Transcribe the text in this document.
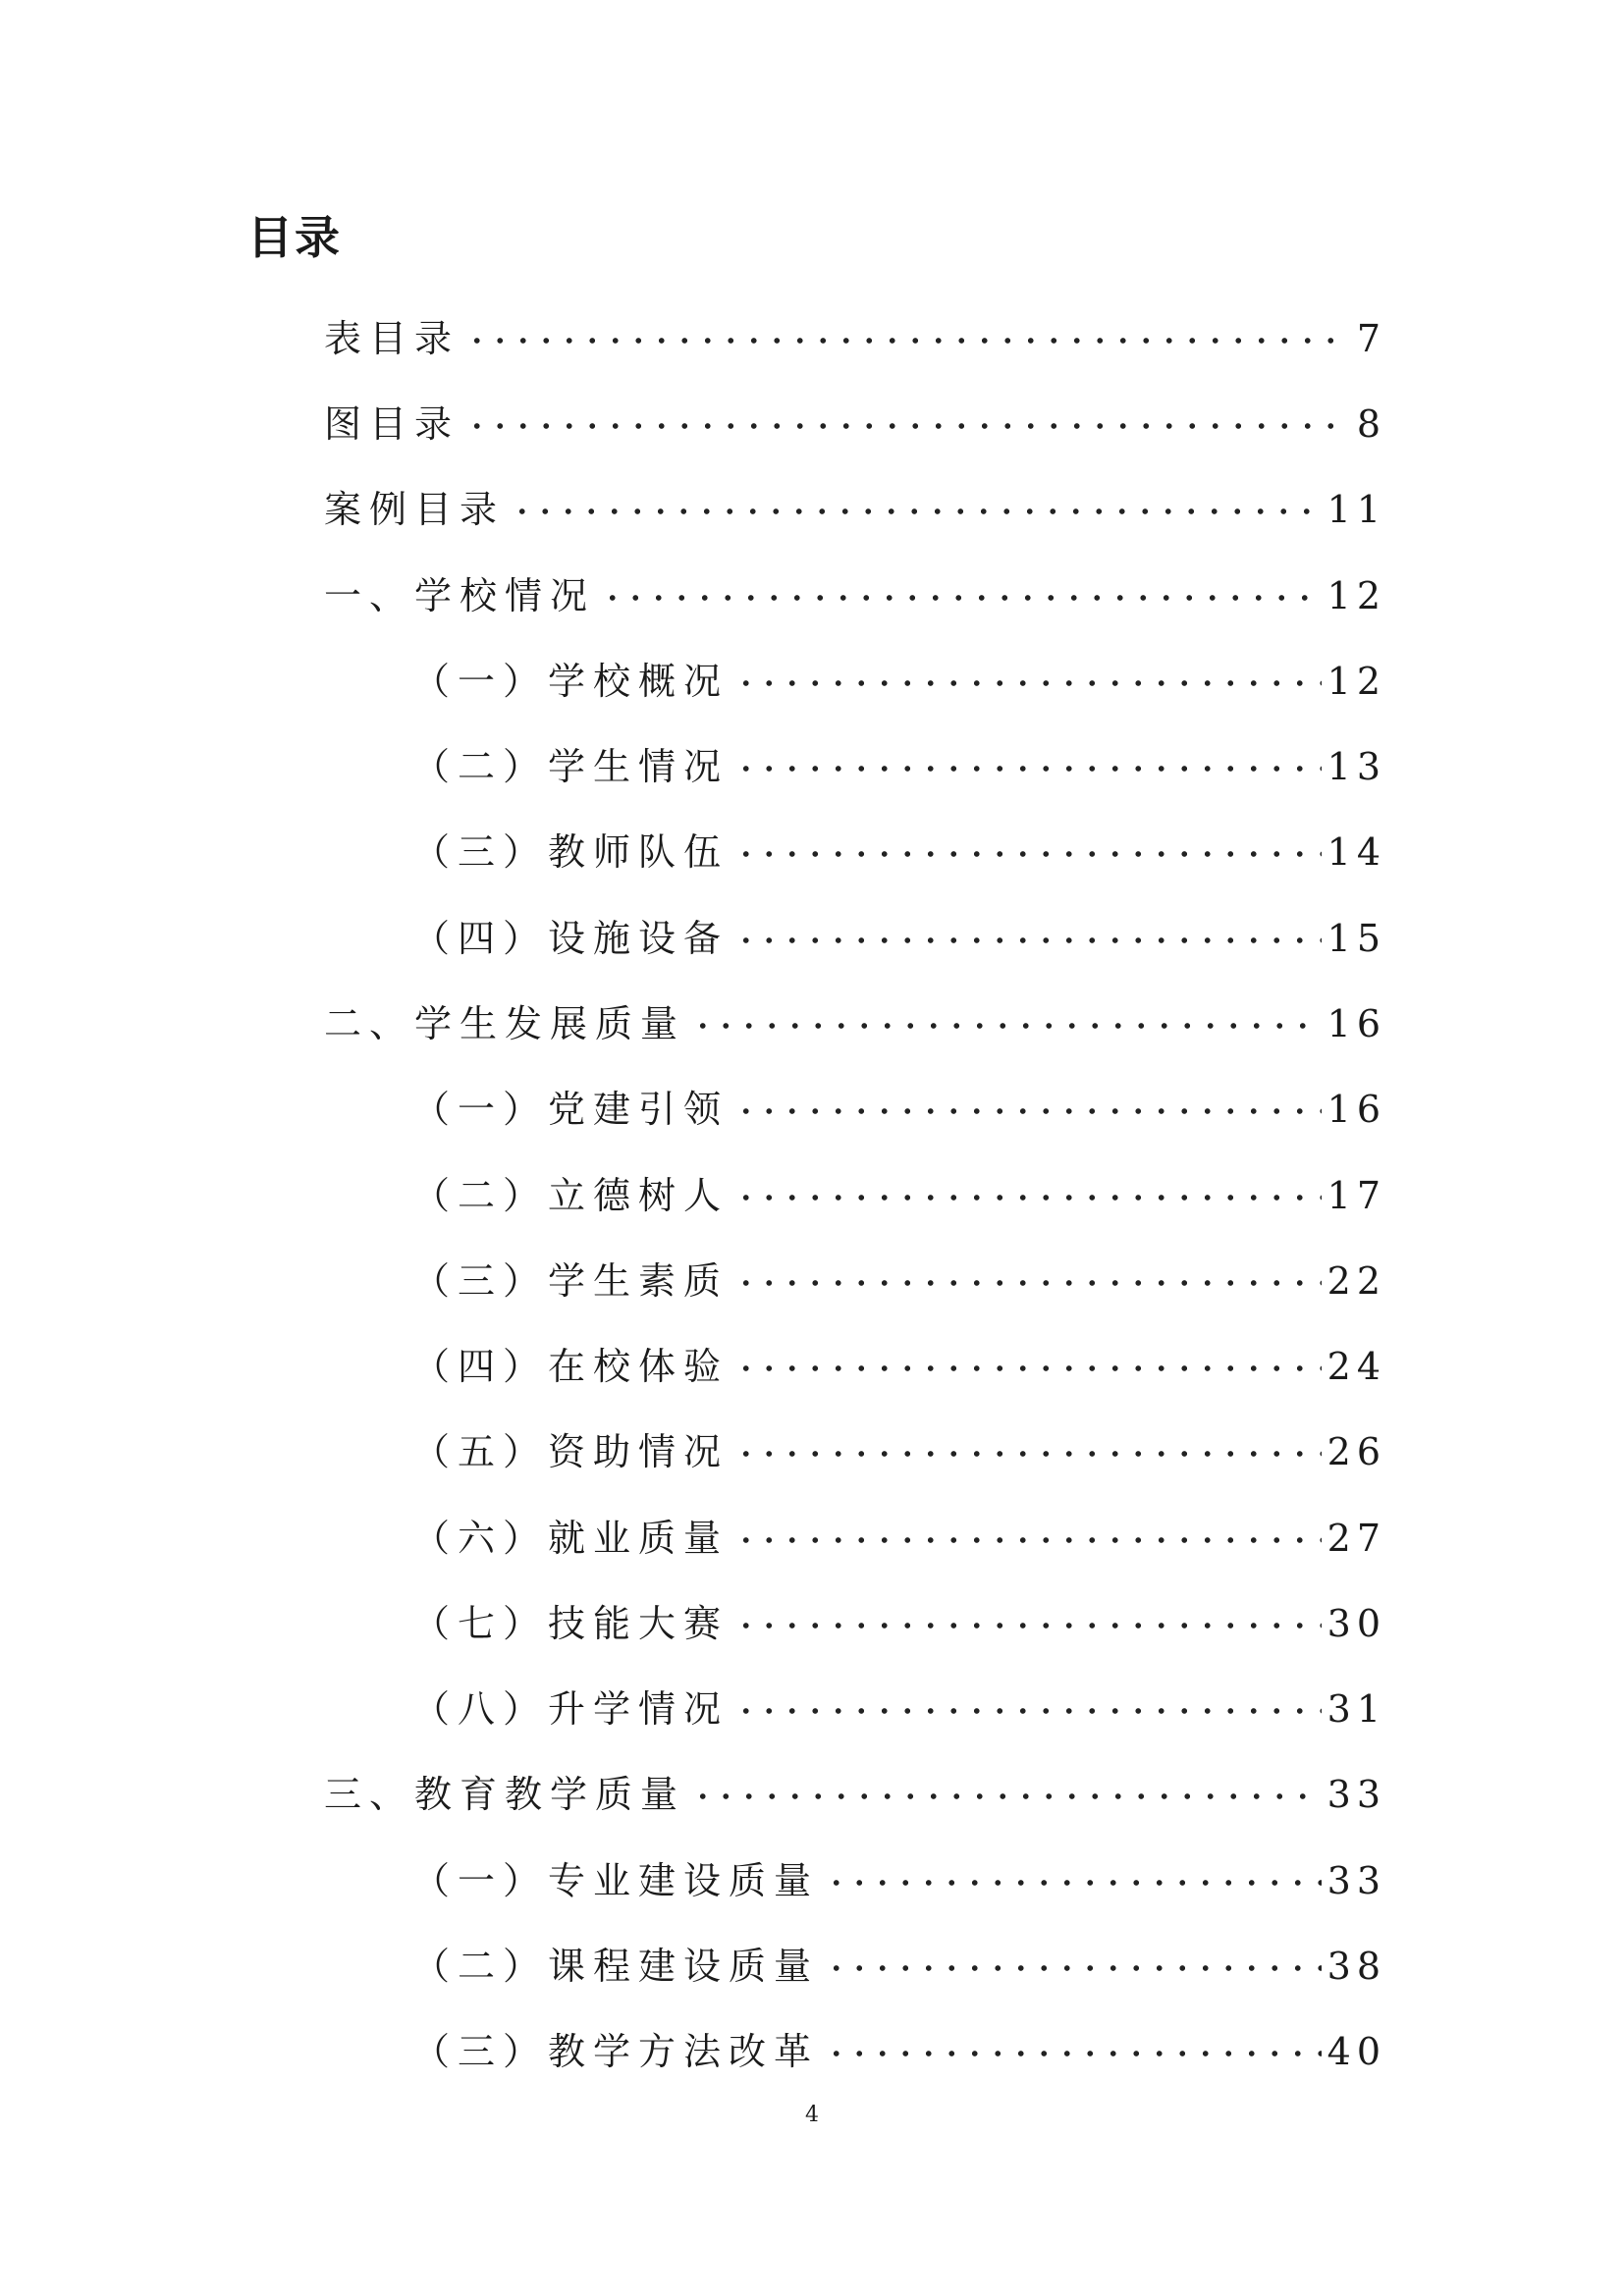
目录
表目录	7
图目录	8
案例目录	11
一、学校情况	12
（一）学校概况	12
（二）学生情况	13
（三）教师队伍	14
（四）设施设备	15
二、学生发展质量	16
（一）党建引领	16
（二）立德树人	17
（三）学生素质	22
（四）在校体验	24
（五）资助情况	26
（六）就业质量	27
（七）技能大赛	30
（八）升学情况	31
三、教育教学质量	33
（一）专业建设质量	33
（二）课程建设质量	38
（三）教学方法改革	40
4
